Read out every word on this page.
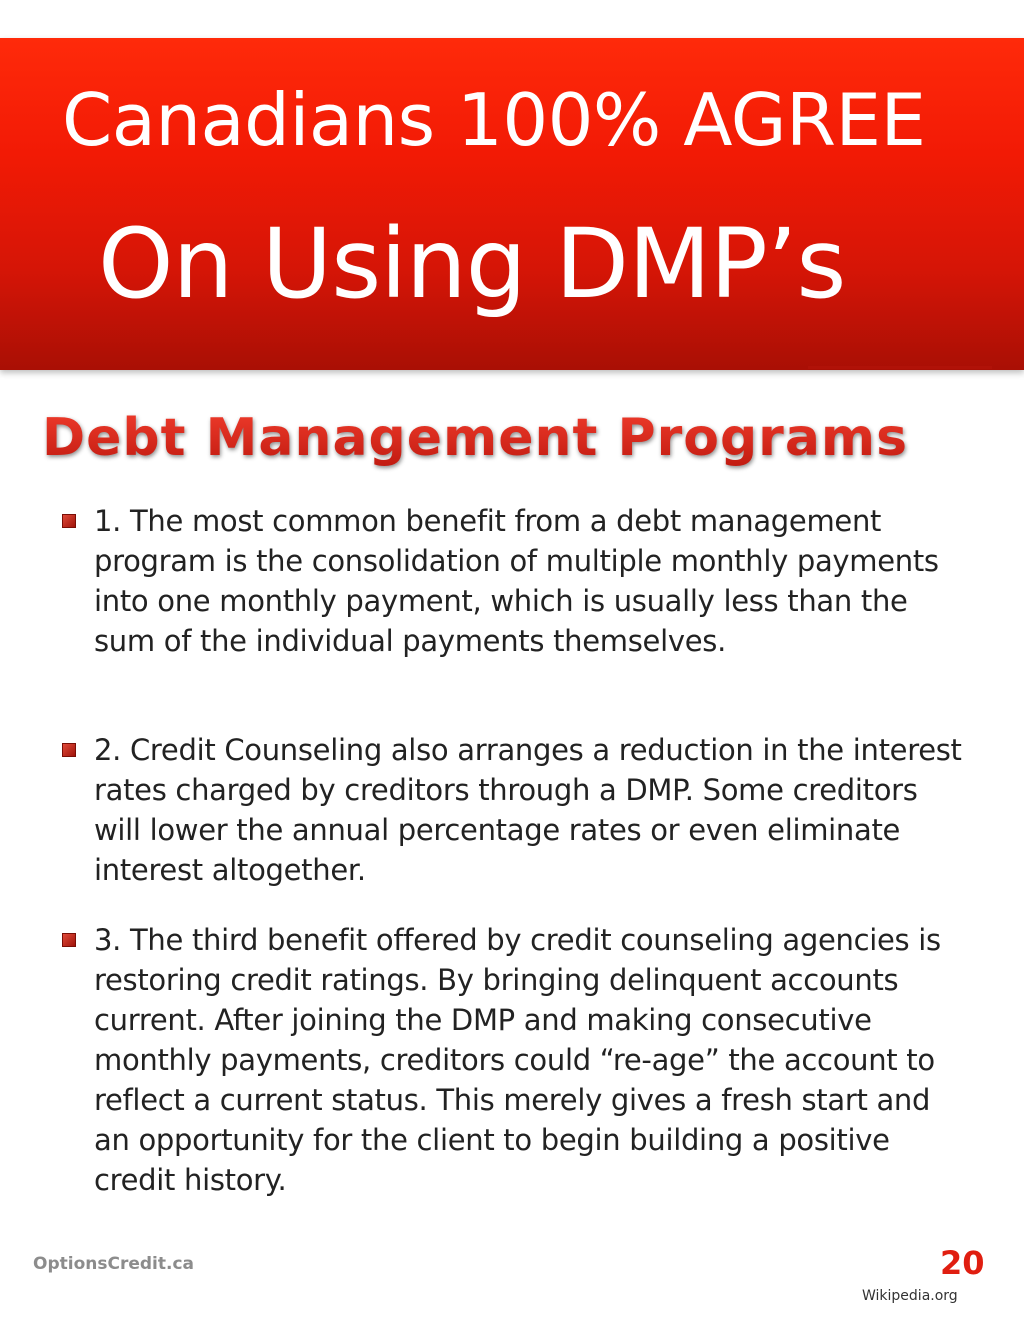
Canadians 100% AGREE
On Using DMP’s
Debt Management Programs
1. The most common benefit from a debt management program is the consolidation of multiple monthly payments into one monthly payment, which is usually less than the sum of the individual payments themselves.
2. Credit Counseling also arranges a reduction in the interest rates charged by creditors through a DMP. Some creditors will lower the annual percentage rates or even eliminate interest altogether.
3. The third benefit offered by credit counseling agencies is restoring credit ratings. By bringing delinquent accounts current. After joining the DMP and making consecutive monthly payments, creditors could “re-age” the account to reflect a current status. This merely gives a fresh start and an opportunity for the client to begin building a positive credit history.
OptionsCredit.ca	20
Wikipedia.org
